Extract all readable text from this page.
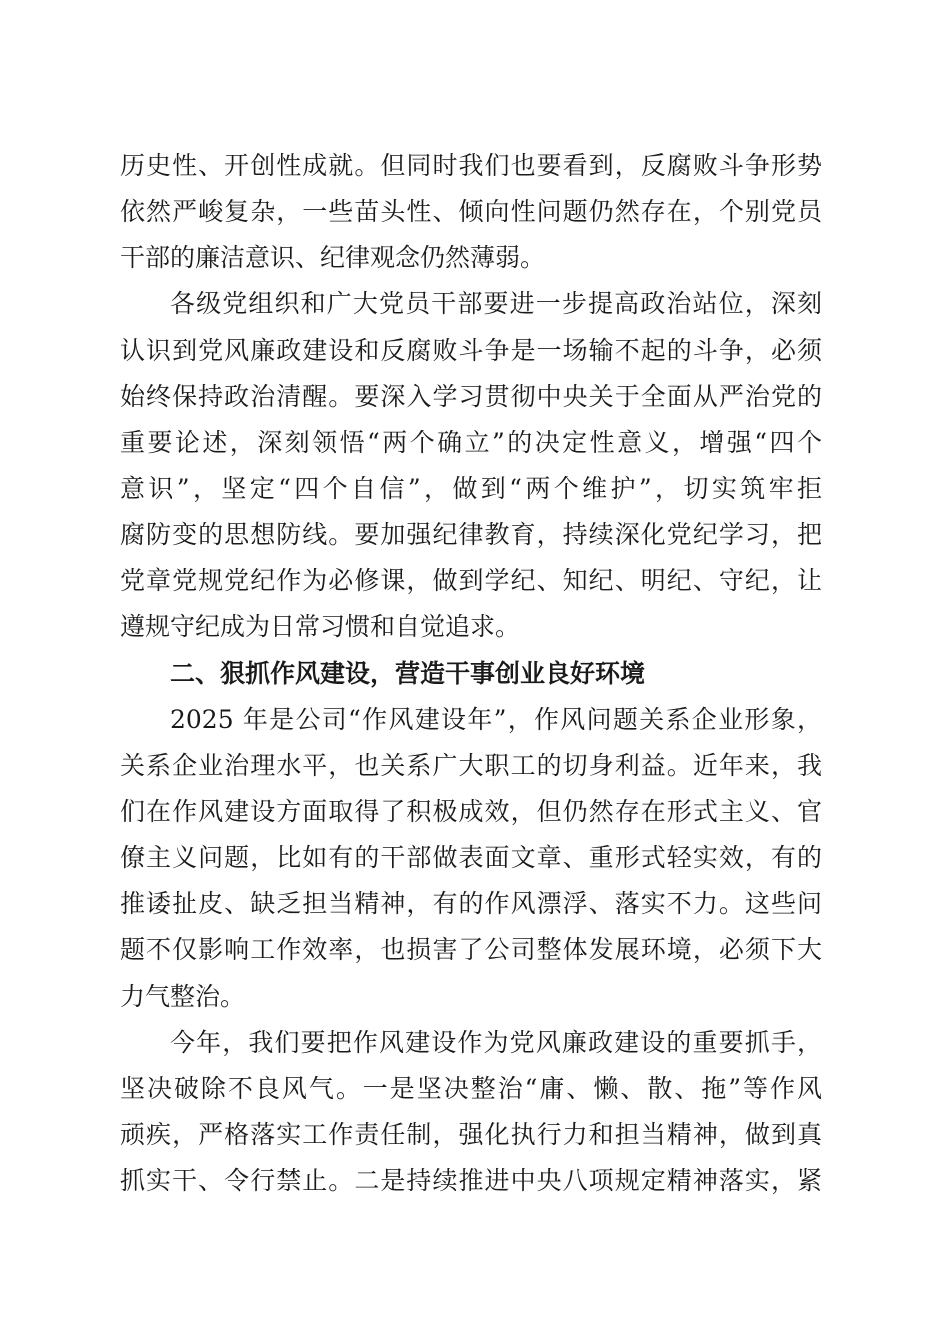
历史性、开创性成就。但同时我们也要看到，反腐败斗争形势
依然严峻复杂，一些苗头性、倾向性问题仍然存在，个别党员
干部的廉洁意识、纪律观念仍然薄弱。
各级党组织和广大党员干部要进一步提高政治站位，深刻
认识到党风廉政建设和反腐败斗争是一场输不起的斗争，必须
始终保持政治清醒。要深入学习贯彻中央关于全面从严治党的
重要论述，深刻领悟“两个确立”的决定性意义，增强“四个
意识”，坚定“四个自信”，做到“两个维护”，切实筑牢拒
腐防变的思想防线。要加强纪律教育，持续深化党纪学习，把
党章党规党纪作为必修课，做到学纪、知纪、明纪、守纪，让
遵规守纪成为日常习惯和自觉追求。
二、狠抓作风建设，营造干事创业良好环境
2025 年是公司“作风建设年”，作风问题关系企业形象，
关系企业治理水平，也关系广大职工的切身利益。近年来，我
们在作风建设方面取得了积极成效，但仍然存在形式主义、官
僚主义问题，比如有的干部做表面文章、重形式轻实效，有的
推诿扯皮、缺乏担当精神，有的作风漂浮、落实不力。这些问
题不仅影响工作效率，也损害了公司整体发展环境，必须下大
力气整治。
今年，我们要把作风建设作为党风廉政建设的重要抓手，
坚决破除不良风气。一是坚决整治“庸、懒、散、拖”等作风
顽疾，严格落实工作责任制，强化执行力和担当精神，做到真
抓实干、令行禁止。二是持续推进中央八项规定精神落实，紧
